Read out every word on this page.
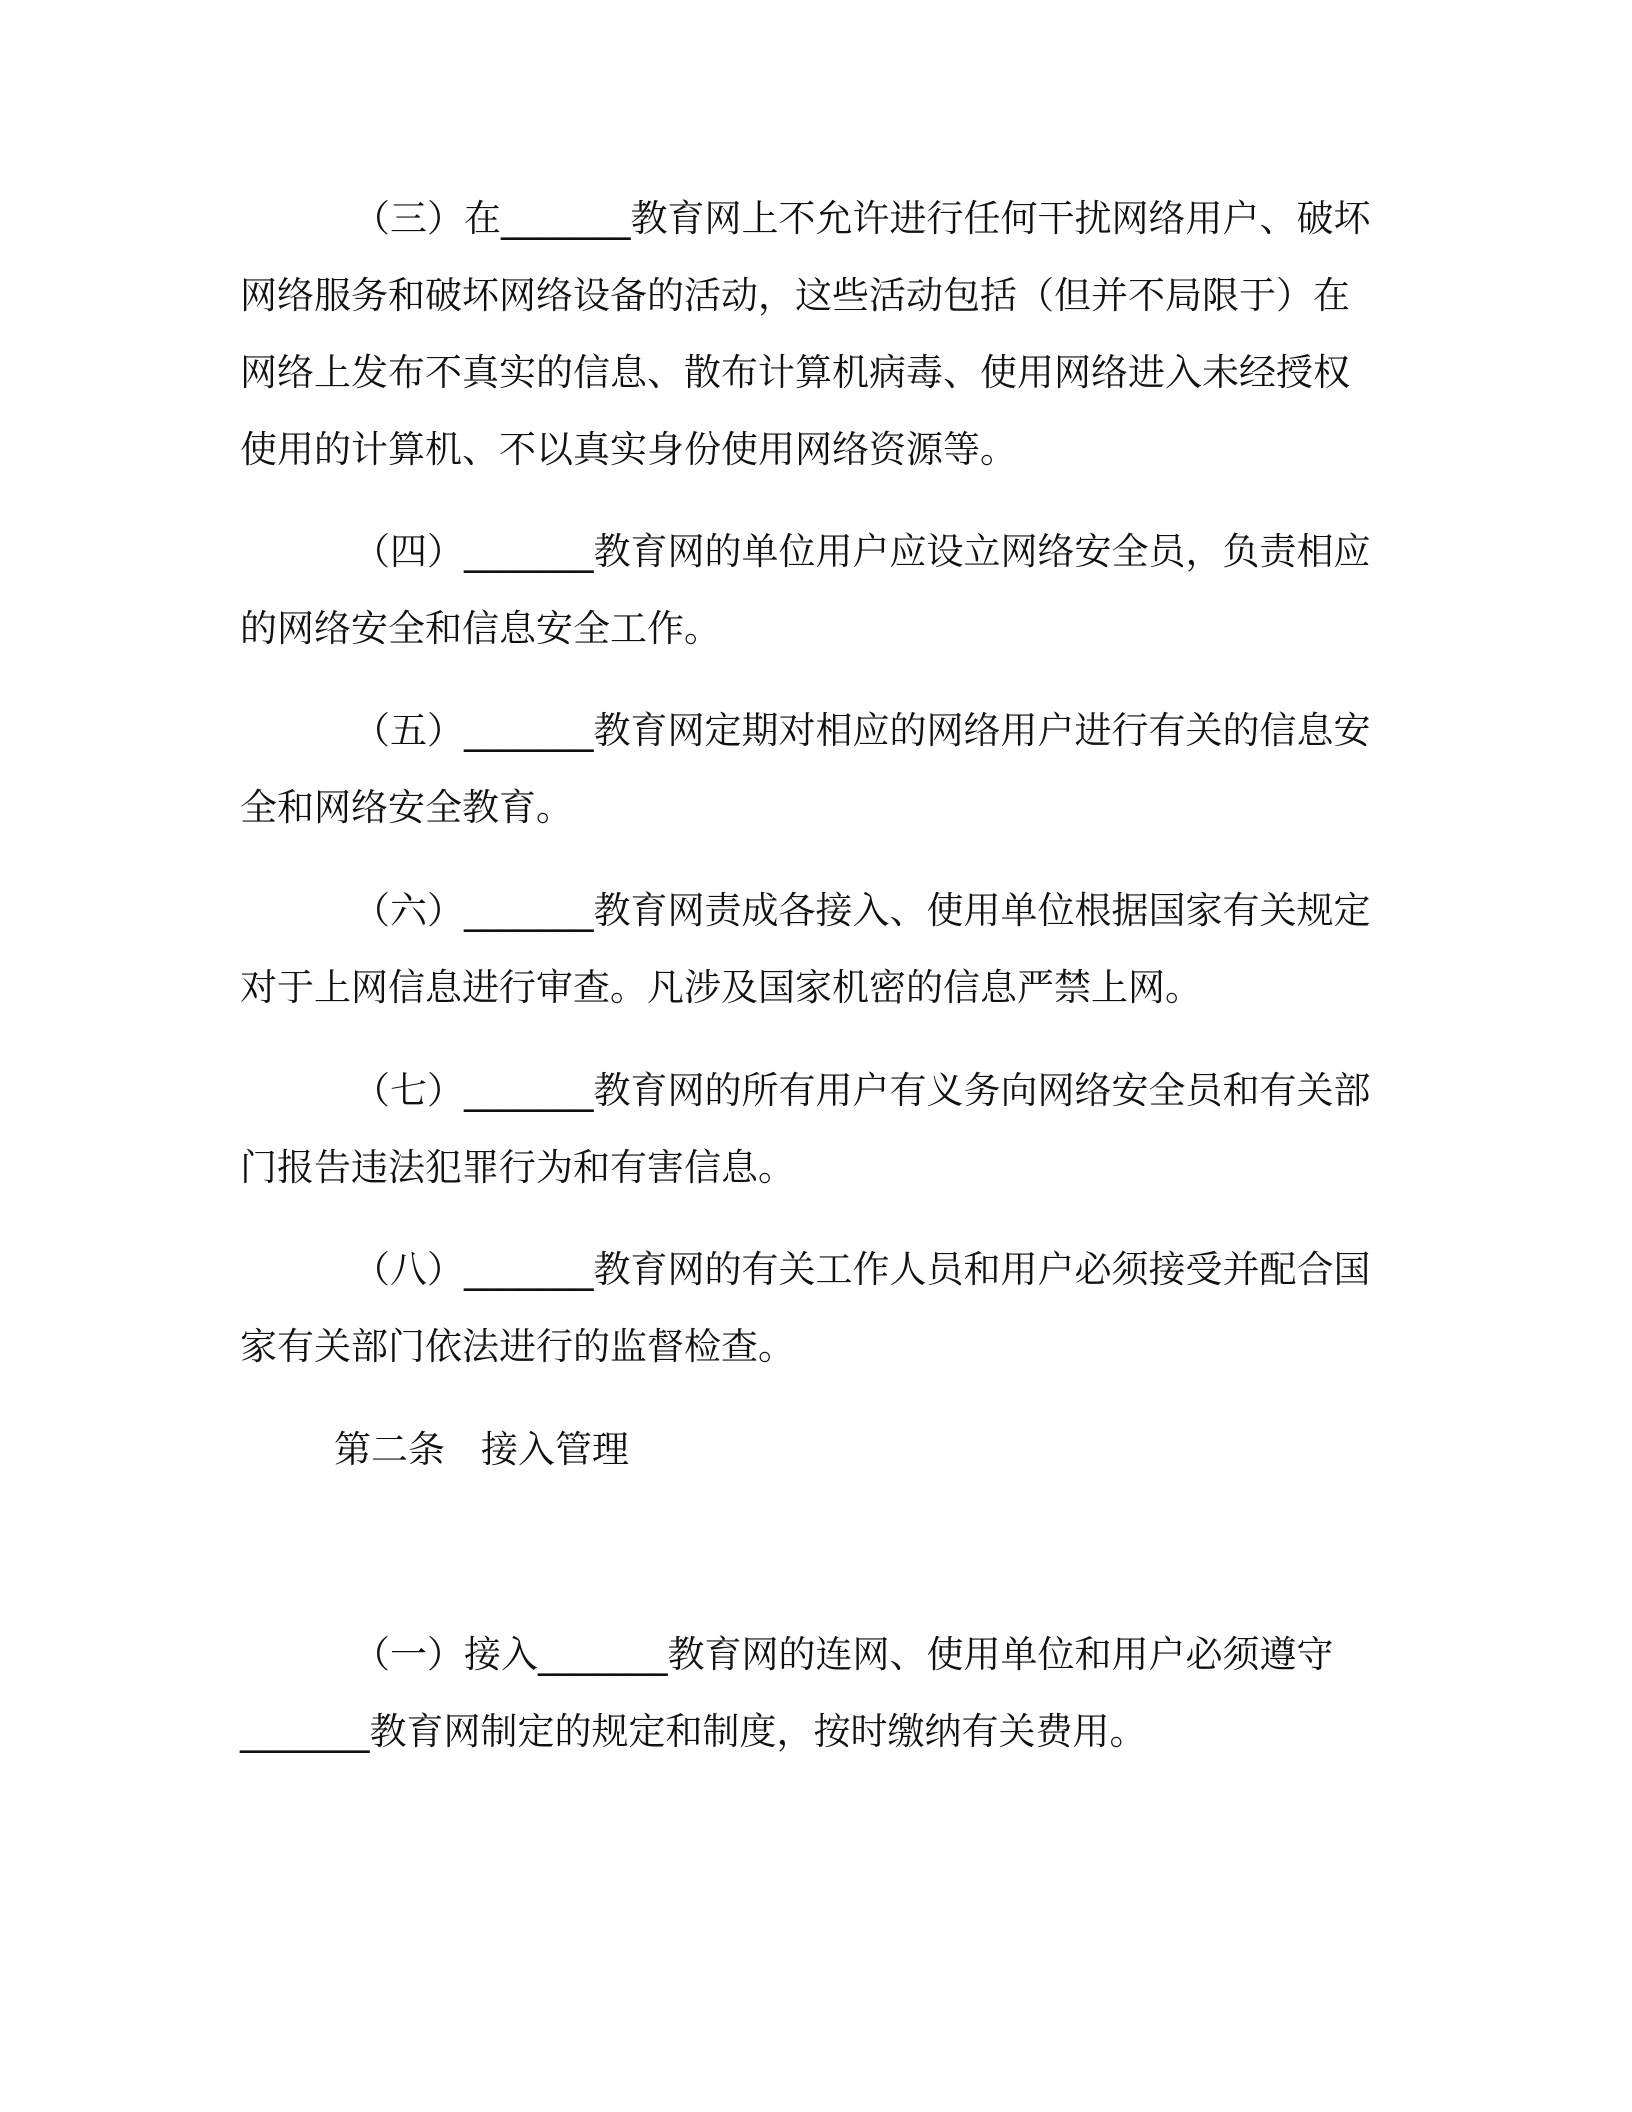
（三）在_______教育网上不允许进行任何干扰网络用户、破坏
网络服务和破坏网络设备的活动，这些活动包括（但并不局限于）在
网络上发布不真实的信息、散布计算机病毒、使用网络进入未经授权
使用的计算机、不以真实身份使用网络资源等。

（四）_______教育网的单位用户应设立网络安全员，负责相应
的网络安全和信息安全工作。

（五）_______教育网定期对相应的网络用户进行有关的信息安
全和网络安全教育。

（六）_______教育网责成各接入、使用单位根据国家有关规定
对于上网信息进行审查。凡涉及国家机密的信息严禁上网。

（七）_______教育网的所有用户有义务向网络安全员和有关部
门报告违法犯罪行为和有害信息。

（八）_______教育网的有关工作人员和用户必须接受并配合国
家有关部门依法进行的监督检查。

第二条 接入管理

（一）接入_______教育网的连网、使用单位和用户必须遵守
_______教育网制定的规定和制度，按时缴纳有关费用。
